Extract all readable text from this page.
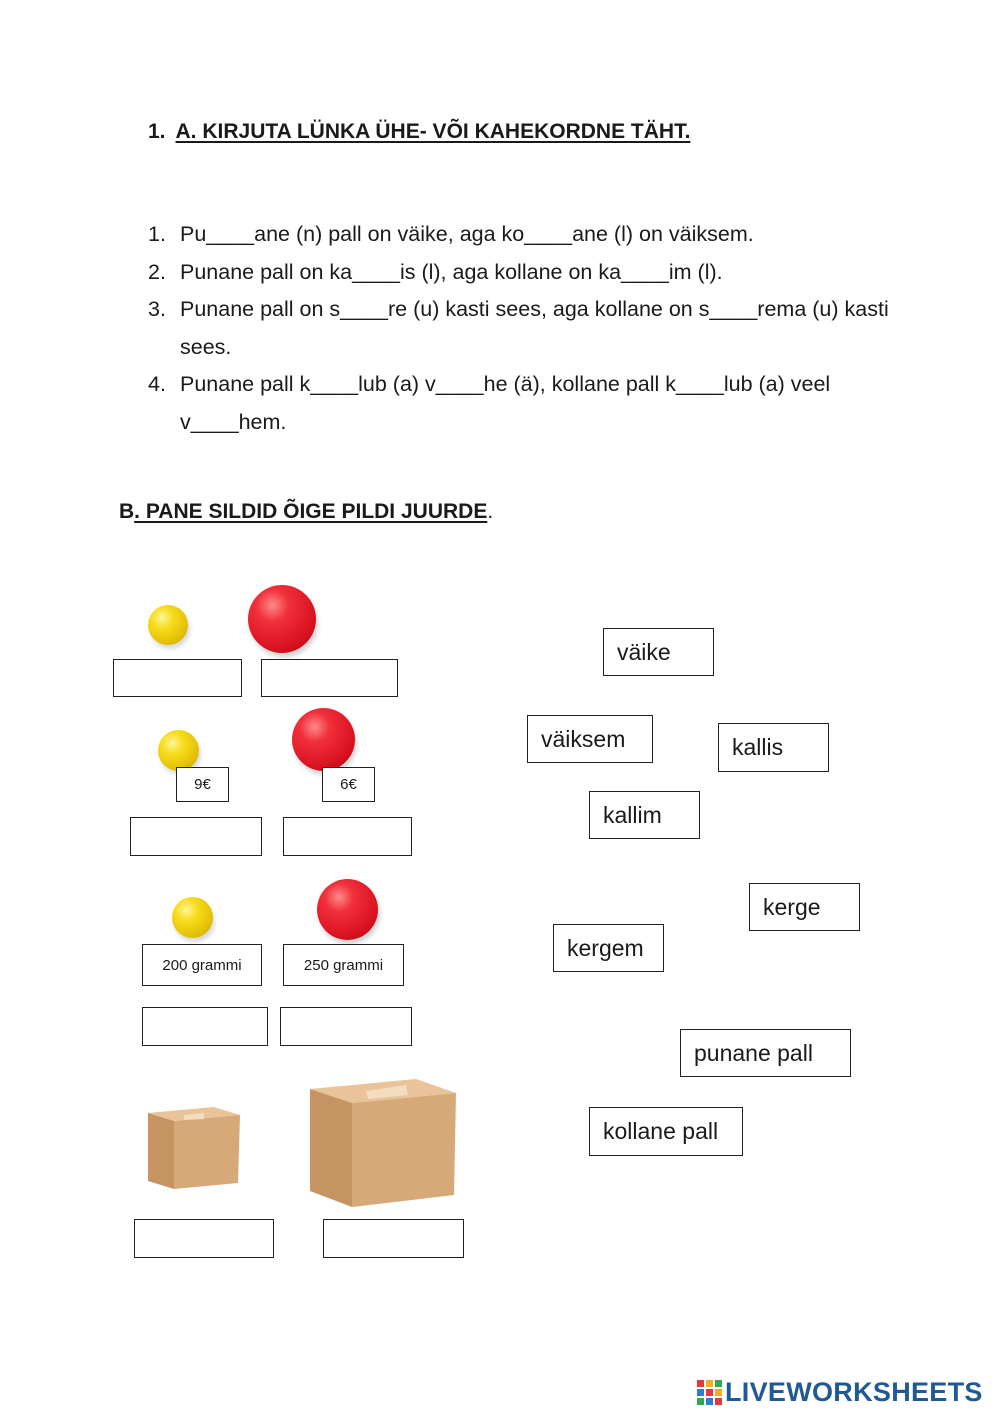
1. A. KIRJUTA LÜNKA ÜHE- VÕI KAHEKORDNE TÄHT.
1. Pu____ane (n) pall on väike, aga ko____ane (l) on väiksem.
2. Punane pall on ka____is (l), aga kollane on ka____im (l).
3. Punane pall on s____re (u) kasti sees, aga kollane on s____rema (u) kasti sees.
4. Punane pall k____lub (a) v____he (ä), kollane pall k____lub (a) veel v____hem.
B. PANE SILDID ÕIGE PILDI JUURDE.
9€	6€
200 grammi	250 grammi
väike
väiksem	kallis
kallim
kerge
kergem
punane pall
kollane pall
LIVEWORKSHEETS
